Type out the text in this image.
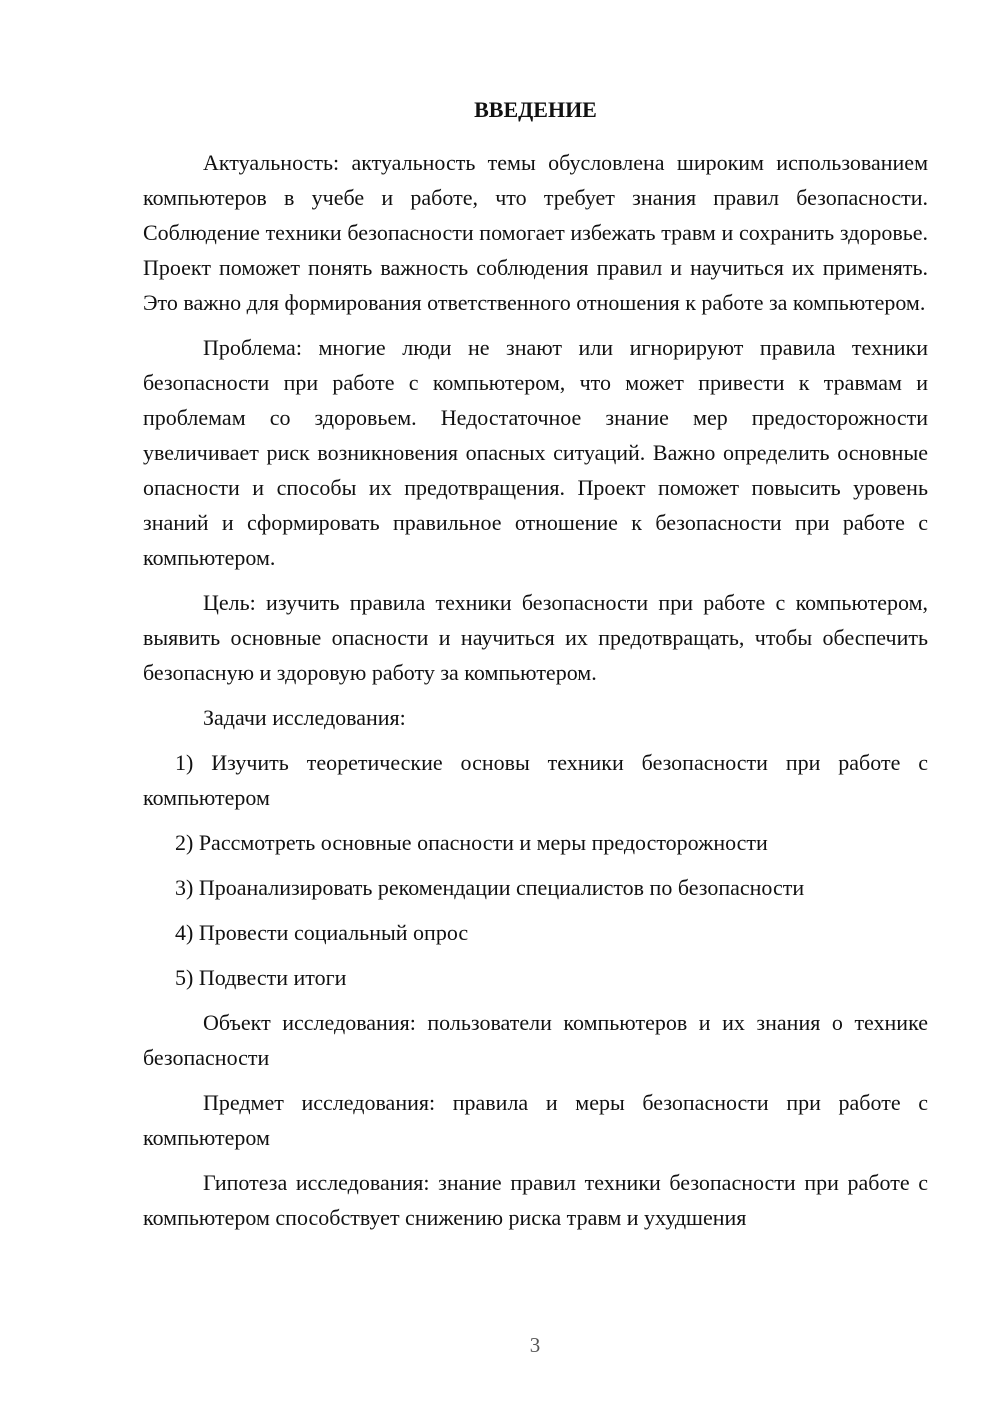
ВВЕДЕНИЕ

Актуальность: актуальность темы обусловлена широким использованием компьютеров в учебе и работе, что требует знания правил безопасности. Соблюдение техники безопасности помогает избежать травм и сохранить здоровье. Проект поможет понять важность соблюдения правил и научиться их применять. Это важно для формирования ответственного отношения к работе за компьютером.

Проблема: многие люди не знают или игнорируют правила техники безопасности при работе с компьютером, что может привести к травмам и проблемам со здоровьем. Недостаточное знание мер предосторожности увеличивает риск возникновения опасных ситуаций. Важно определить основные опасности и способы их предотвращения. Проект поможет повысить уровень знаний и сформировать правильное отношение к безопасности при работе с компьютером.

Цель: изучить правила техники безопасности при работе с компьютером, выявить основные опасности и научиться их предотвращать, чтобы обеспечить безопасную и здоровую работу за компьютером.

Задачи исследования:

1) Изучить теоретические основы техники безопасности при работе с компьютером

2) Рассмотреть основные опасности и меры предосторожности

3) Проанализировать рекомендации специалистов по безопасности

4) Провести социальный опрос

5) Подвести итоги

Объект исследования: пользователи компьютеров и их знания о технике безопасности

Предмет исследования: правила и меры безопасности при работе с компьютером

Гипотеза исследования: знание правил техники безопасности при работе с компьютером способствует снижению риска травм и ухудшения

3
